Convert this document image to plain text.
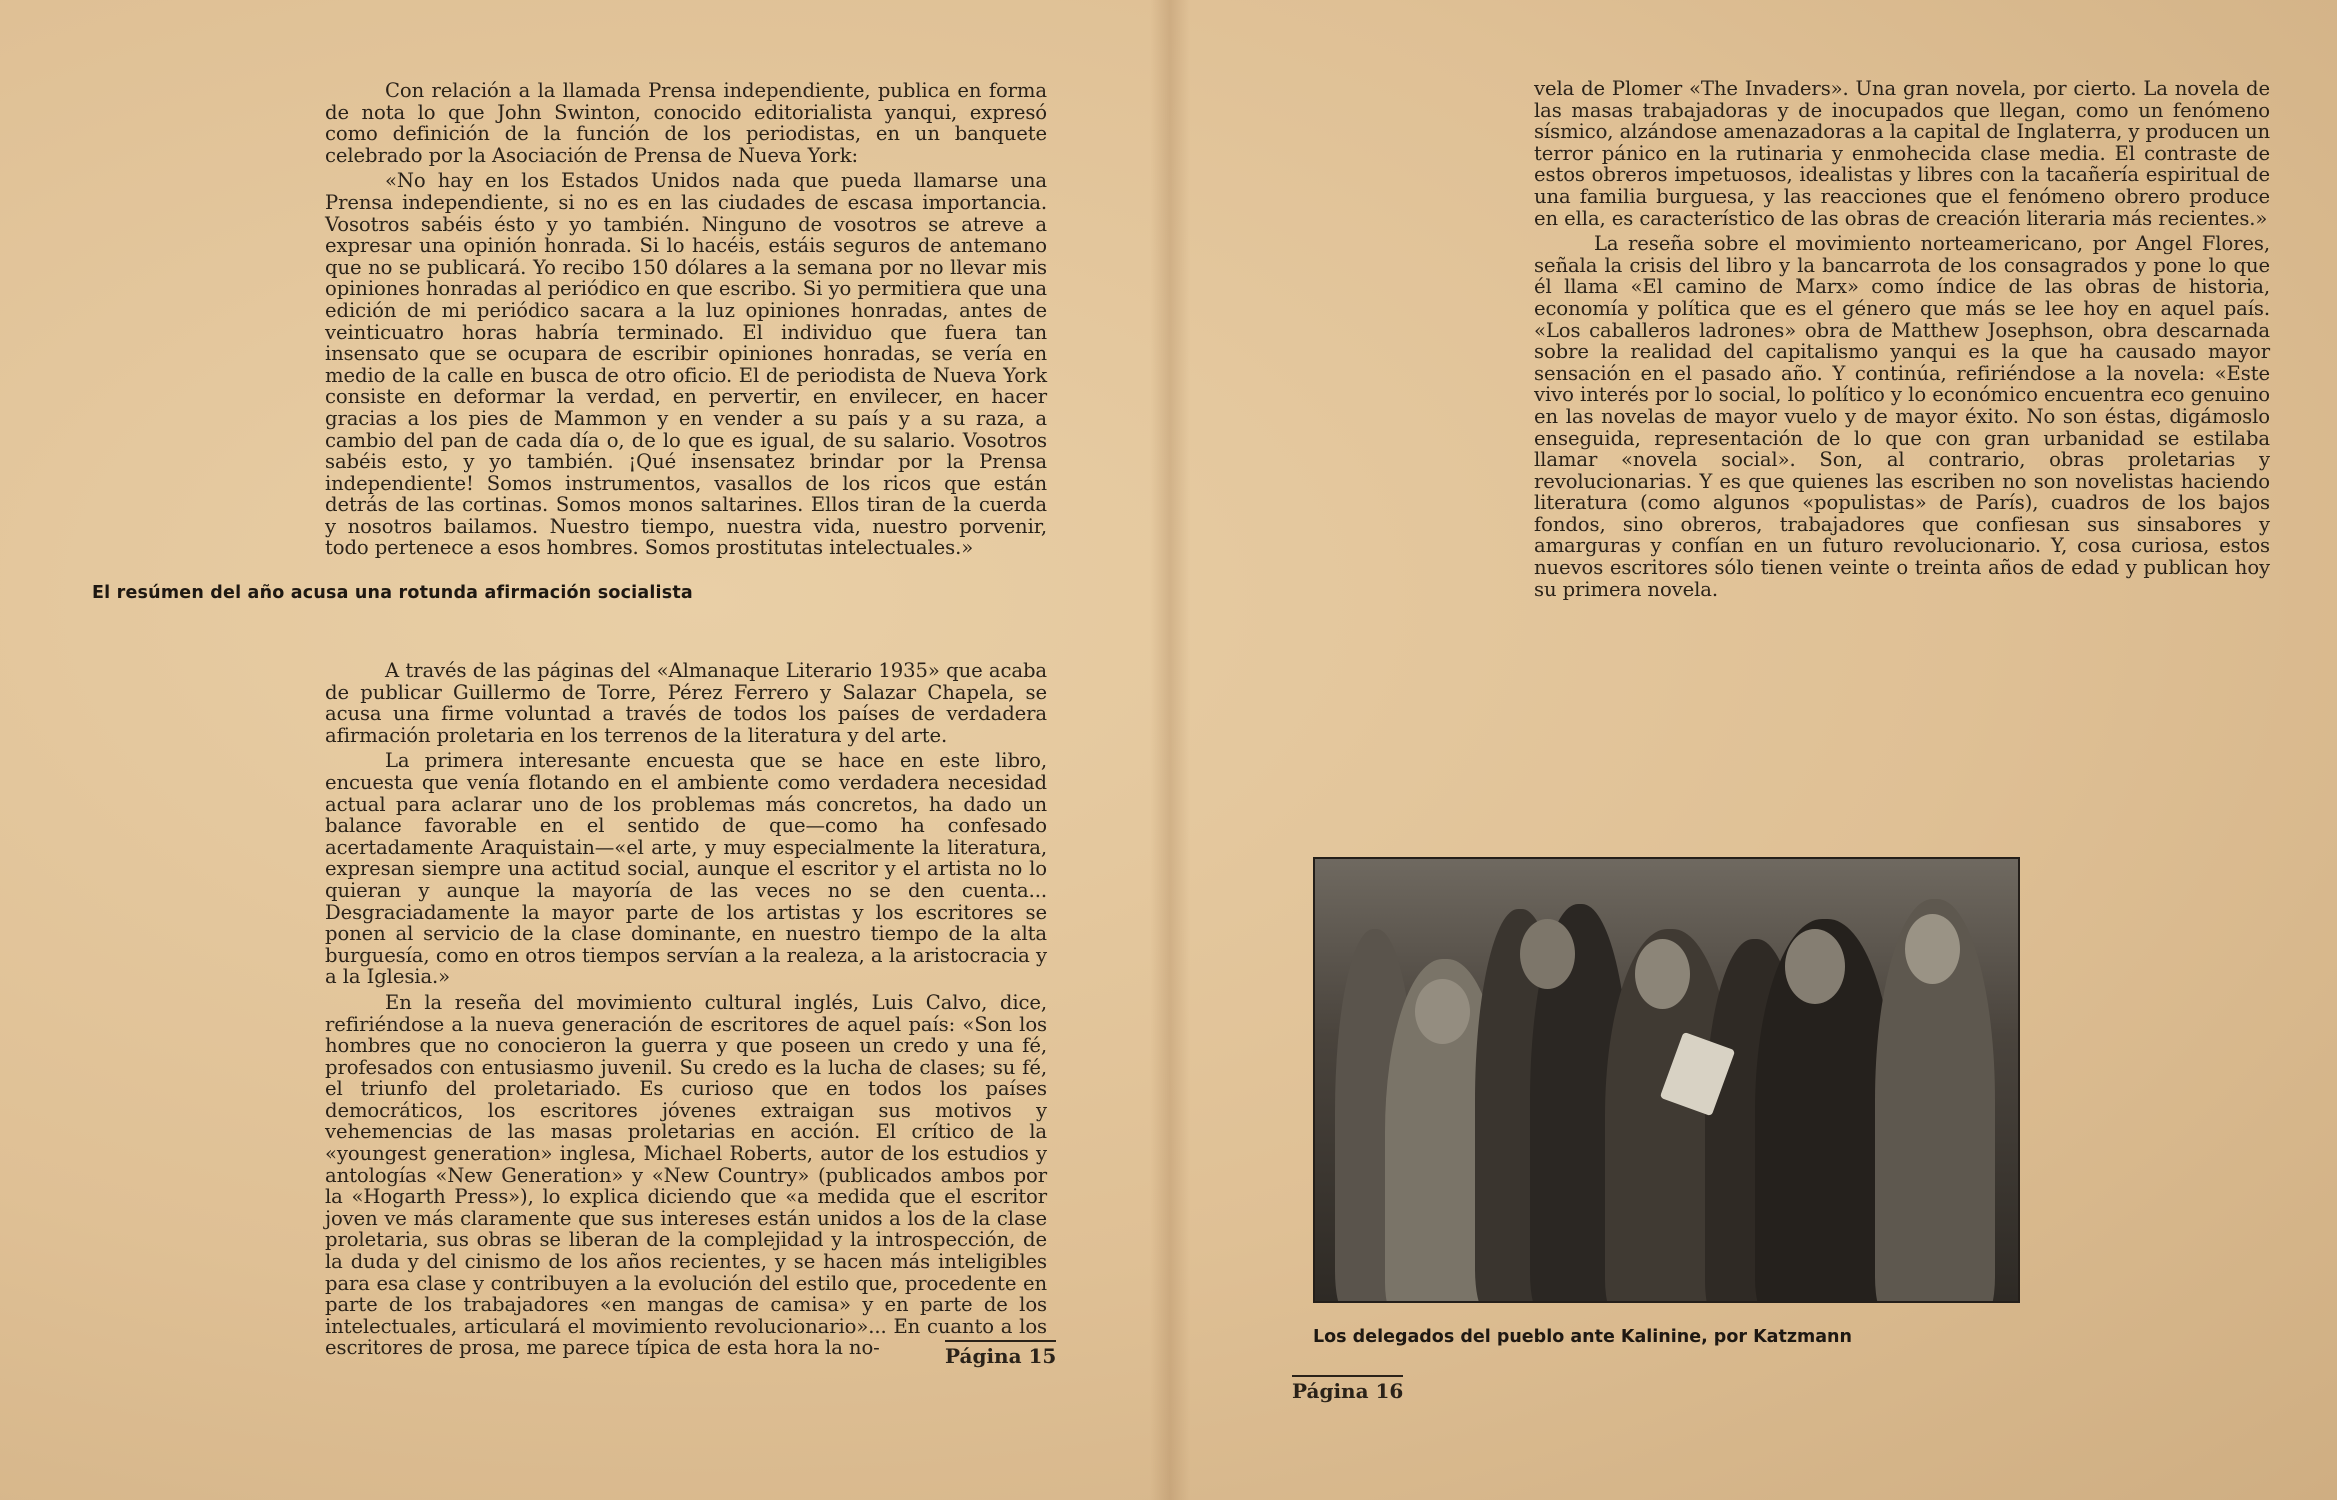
Con relación a la llamada Prensa independiente, publica en forma de nota lo que John Swinton, conocido editorialista yanqui, expresó como definición de la función de los periodistas, en un banquete celebrado por la Asociación de Prensa de Nueva York:

«No hay en los Estados Unidos nada que pueda llamarse una Prensa independiente, si no es en las ciudades de escasa importancia. Vosotros sabéis ésto y yo también. Ninguno de vosotros se atreve a expresar una opinión honrada. Si lo hacéis, estáis seguros de antemano que no se publicará. Yo recibo 150 dólares a la semana por no llevar mis opiniones honradas al periódico en que escribo. Si yo permitiera que una edición de mi periódico sacara a la luz opiniones honradas, antes de veinticuatro horas habría terminado. El individuo que fuera tan insensato que se ocupara de escribir opiniones honradas, se vería en medio de la calle en busca de otro oficio. El de periodista de Nueva York consiste en deformar la verdad, en pervertir, en envilecer, en hacer gracias a los pies de Mammon y en vender a su país y a su raza, a cambio del pan de cada día o, de lo que es igual, de su salario. Vosotros sabéis esto, y yo también. ¡Qué insensatez brindar por la Prensa independiente! Somos instrumentos, vasallos de los ricos que están detrás de las cortinas. Somos monos saltarines. Ellos tiran de la cuerda y nosotros bailamos. Nuestro tiempo, nuestra vida, nuestro porvenir, todo pertenece a esos hombres. Somos prostitutas intelectuales.»

El resúmen del año acusa una rotunda afirmación socialista

A través de las páginas del «Almanaque Literario 1935» que acaba de publicar Guillermo de Torre, Pérez Ferrero y Salazar Chapela, se acusa una firme voluntad a través de todos los países de verdadera afirmación proletaria en los terrenos de la literatura y del arte.

La primera interesante encuesta que se hace en este libro, encuesta que venía flotando en el ambiente como verdadera necesidad actual para aclarar uno de los problemas más concretos, ha dado un balance favorable en el sentido de que—como ha confesado acertadamente Araquistain—«el arte, y muy especialmente la literatura, expresan siempre una actitud social, aunque el escritor y el artista no lo quieran y aunque la mayoría de las veces no se den cuenta... Desgraciadamente la mayor parte de los artistas y los escritores se ponen al servicio de la clase dominante, en nuestro tiempo de la alta burguesía, como en otros tiempos servían a la realeza, a la aristocracia y a la Iglesia.»

En la reseña del movimiento cultural inglés, Luis Calvo, dice, refiriéndose a la nueva generación de escritores de aquel país: «Son los hombres que no conocieron la guerra y que poseen un credo y una fé, profesados con entusiasmo juvenil. Su credo es la lucha de clases; su fé, el triunfo del proletariado. Es curioso que en todos los países democráticos, los escritores jóvenes extraigan sus motivos y vehemencias de las masas proletarias en acción. El crítico de la «youngest generation» inglesa, Michael Roberts, autor de los estudios y antologías «New Generation» y «New Country» (publicados ambos por la «Hogarth Press»), lo explica diciendo que «a medida que el escritor joven ve más claramente que sus intereses están unidos a los de la clase proletaria, sus obras se liberan de la complejidad y la introspección, de la duda y del cinismo de los años recientes, y se hacen más inteligibles para esa clase y contribuyen a la evolución del estilo que, procedente en parte de los trabajadores «en mangas de camisa» y en parte de los intelectuales, articulará el movimiento revolucionario»... En cuanto a los escritores de prosa, me parece típica de esta hora la no-	Página 15

vela de Plomer «The Invaders». Una gran novela, por cierto. La novela de las masas trabajadoras y de inocupados que llegan, como un fenómeno sísmico, alzándose amenazadoras a la capital de Inglaterra, y producen un terror pánico en la rutinaria y enmohecida clase media. El contraste de estos obreros impetuosos, idealistas y libres con la tacañería espiritual de una familia burguesa, y las reacciones que el fenómeno obrero produce en ella, es característico de las obras de creación literaria más recientes.»

La reseña sobre el movimiento norteamericano, por Angel Flores, señala la crisis del libro y la bancarrota de los consagrados y pone lo que él llama «El camino de Marx» como índice de las obras de historia, economía y política que es el género que más se lee hoy en aquel país. «Los caballeros ladrones» obra de Matthew Josephson, obra descarnada sobre la realidad del capitalismo yanqui es la que ha causado mayor sensación en el pasado año. Y continúa, refiriéndose a la novela: «Este vivo interés por lo social, lo político y lo económico encuentra eco genuino en las novelas de mayor vuelo y de mayor éxito. No son éstas, digámoslo enseguida, representación de lo que con gran urbanidad se estilaba llamar «novela social». Son, al contrario, obras proletarias y revolucionarias. Y es que quienes las escriben no son novelistas haciendo literatura (como algunos «populistas» de París), cuadros de los bajos fondos, sino obreros, trabajadores que confiesan sus sinsabores y amarguras y confían en un futuro revolucionario. Y, cosa curiosa, estos nuevos escritores sólo tienen veinte o treinta años de edad y publican hoy su primera novela.

Los delegados del pueblo ante Kalinine, por Katzmann
Página 16
